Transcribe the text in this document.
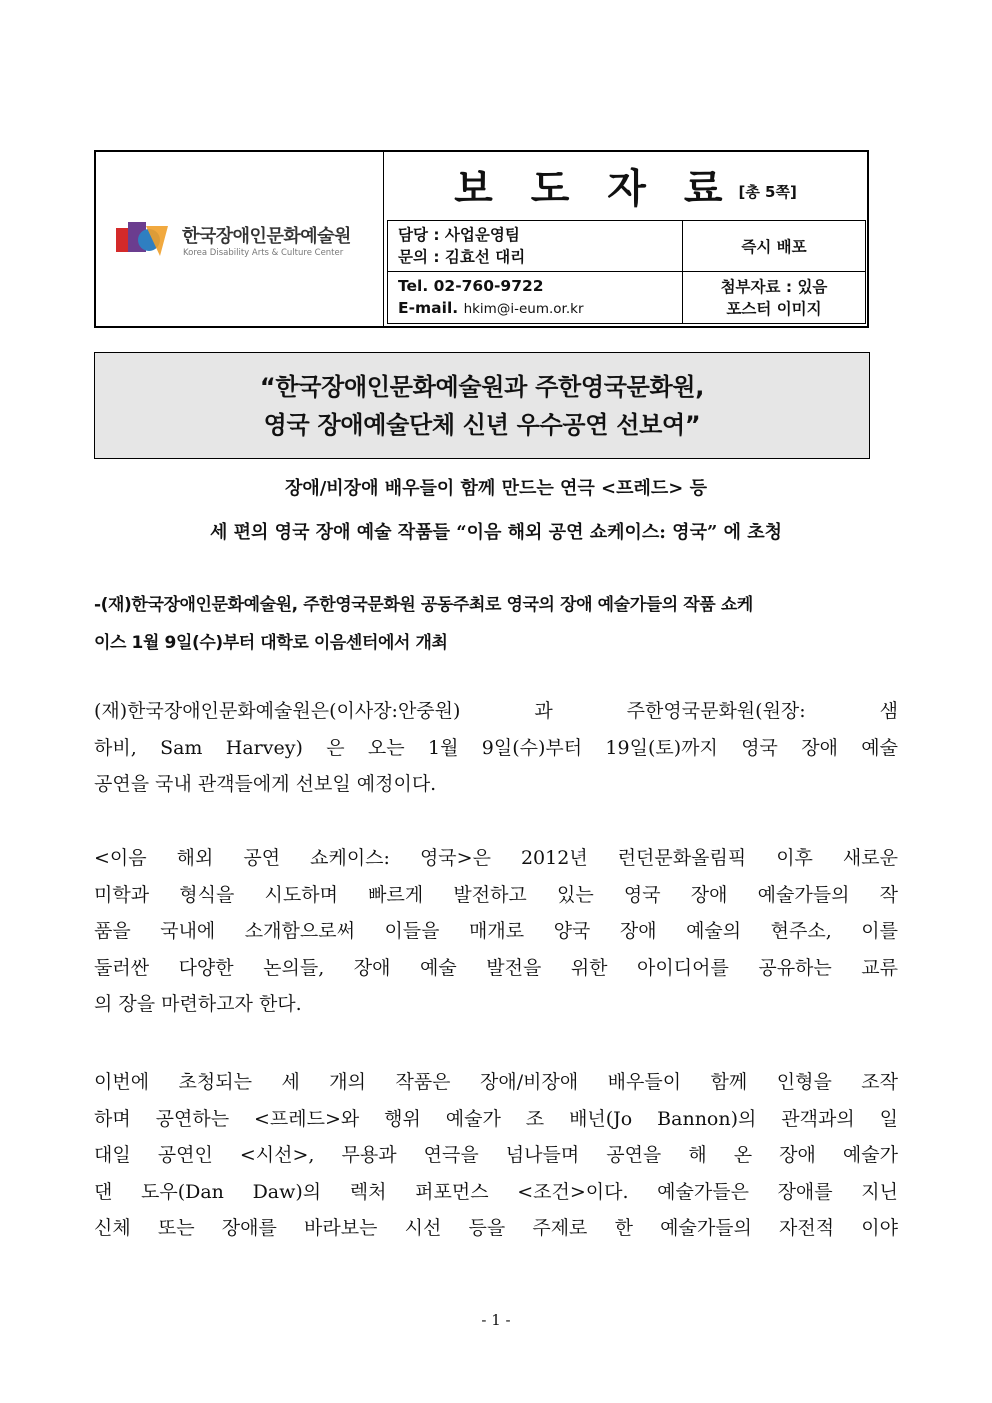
한국장애인문화예술원
Korea Disability Arts & Culture Center
보 도 자 료 [총 5쪽]
담당 : 사업운영팀
문의 : 김효선 대리
즉시 배포
Tel. 02-760-9722
E-mail. hkim@i-eum.or.kr
첨부자료 : 있음
포스터 이미지
“한국장애인문화예술원과 주한영국문화원,
영국 장애예술단체 신년 우수공연 선보여”
장애/비장애 배우들이 함께 만드는 연극 <프레드> 등
세 편의 영국 장애 예술 작품들 “이음 해외 공연 쇼케이스: 영국” 에 초청
-(재)한국장애인문화예술원, 주한영국문화원 공동주최로 영국의 장애 예술가들의 작품 쇼케
이스 1월 9일(수)부터 대학로 이음센터에서 개최
(재)한국장애인문화예술원은(이사장:안중원) 과 주한영국문화원(원장: 샘
하비, Sam Harvey) 은 오는 1월 9일(수)부터 19일(토)까지 영국 장애 예술
공연을 국내 관객들에게 선보일 예정이다.
<이음 해외 공연 쇼케이스: 영국>은 2012년 런던문화올림픽 이후 새로운
미학과 형식을 시도하며 빠르게 발전하고 있는 영국 장애 예술가들의 작
품을 국내에 소개함으로써 이들을 매개로 양국 장애 예술의 현주소, 이를
둘러싼 다양한 논의들, 장애 예술 발전을 위한 아이디어를 공유하는 교류
의 장을 마련하고자 한다.
이번에 초청되는 세 개의 작품은 장애/비장애 배우들이 함께 인형을 조작
하며 공연하는 <프레드>와 행위 예술가 조 배넌(Jo Bannon)의 관객과의 일
대일 공연인 <시선>, 무용과 연극을 넘나들며 공연을 해 온 장애 예술가
댄 도우(Dan Daw)의 렉처 퍼포먼스 <조건>이다. 예술가들은 장애를 지닌
신체 또는 장애를 바라보는 시선 등을 주제로 한 예술가들의 자전적 이야
- 1 -
